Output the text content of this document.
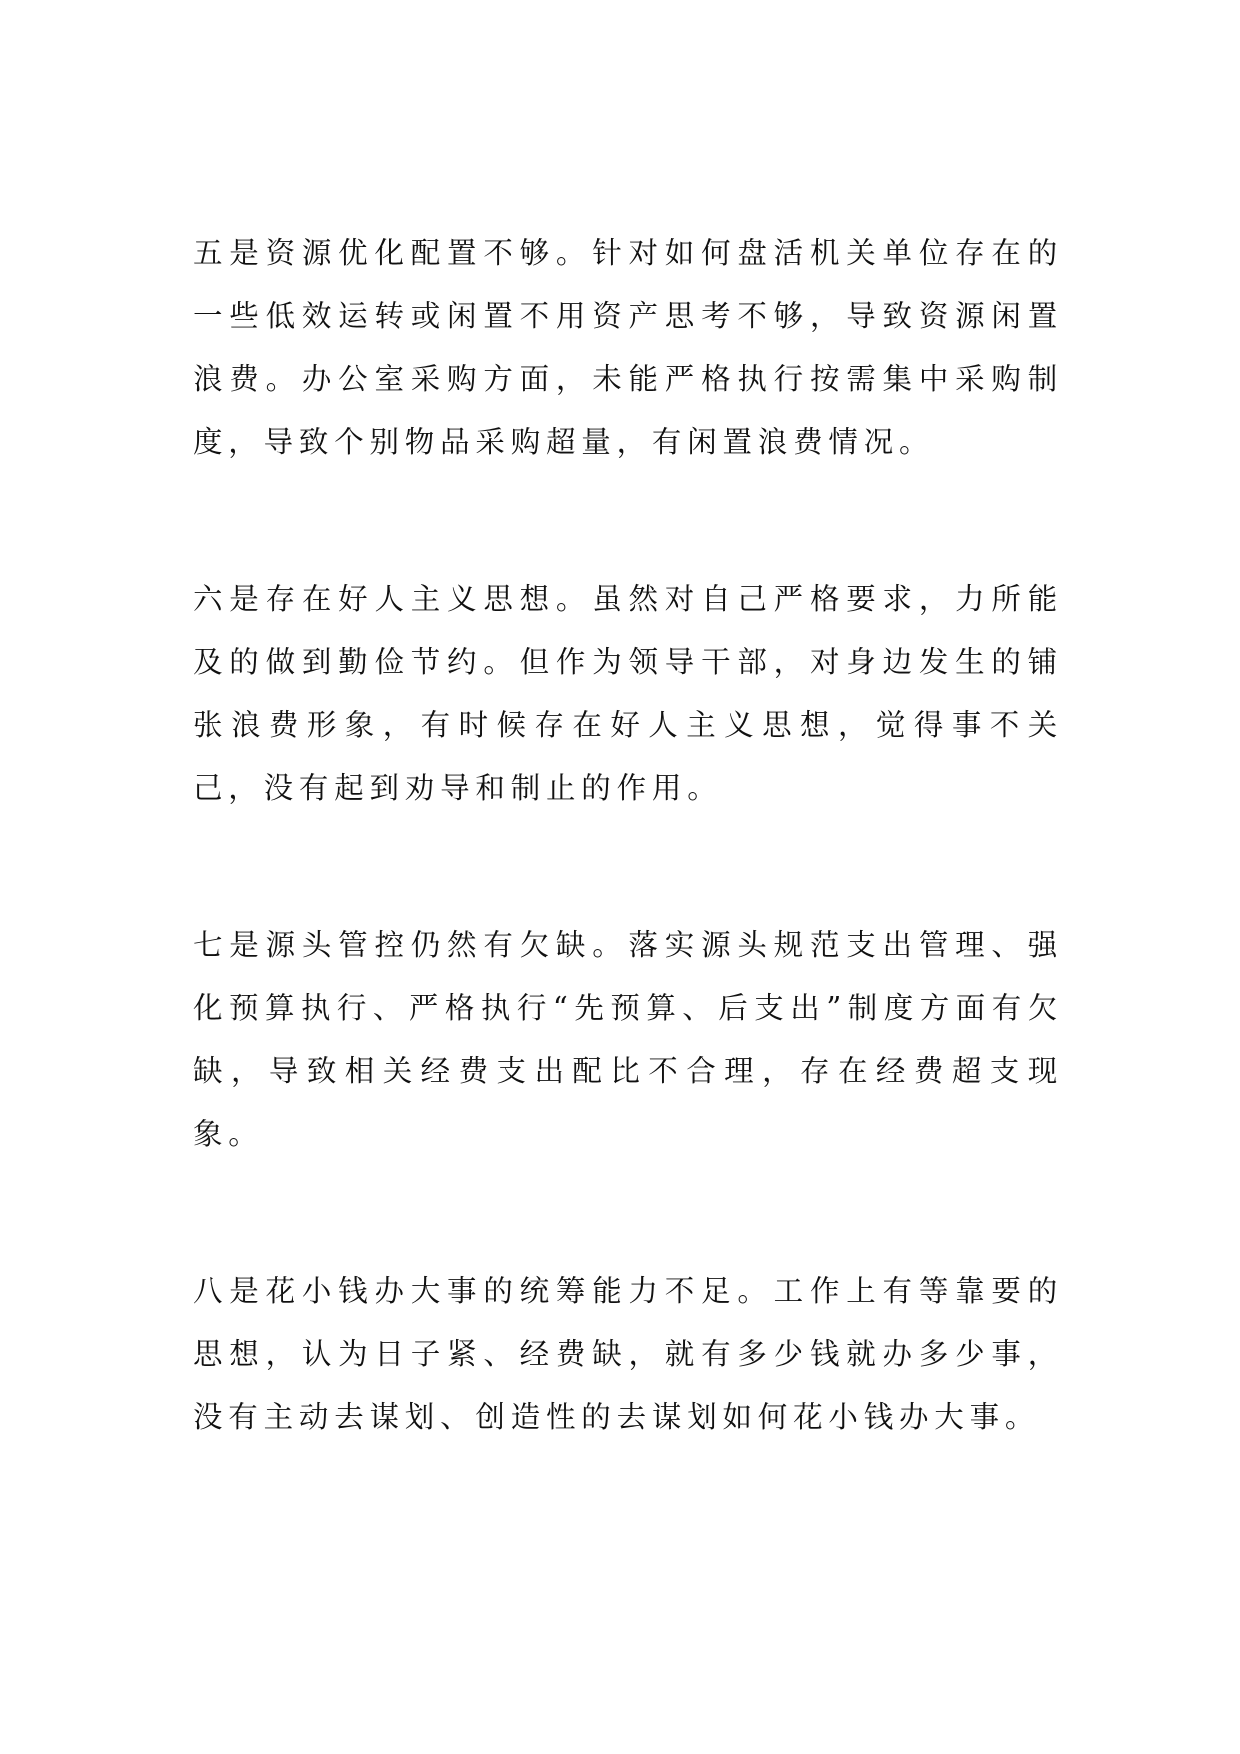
五是资源优化配置不够。针对如何盘活机关单位存在的一些低效运转或闲置不用资产思考不够，导致资源闲置浪费。办公室采购方面，未能严格执行按需集中采购制度，导致个别物品采购超量，有闲置浪费情况。

六是存在好人主义思想。虽然对自己严格要求，力所能及的做到勤俭节约。但作为领导干部，对身边发生的铺张浪费形象，有时候存在好人主义思想，觉得事不关己，没有起到劝导和制止的作用。

七是源头管控仍然有欠缺。落实源头规范支出管理、强化预算执行、严格执行“先预算、后支出”制度方面有欠缺，导致相关经费支出配比不合理，存在经费超支现象。

八是花小钱办大事的统筹能力不足。工作上有等靠要的思想，认为日子紧、经费缺，就有多少钱就办多少事，没有主动去谋划、创造性的去谋划如何花小钱办大事。
